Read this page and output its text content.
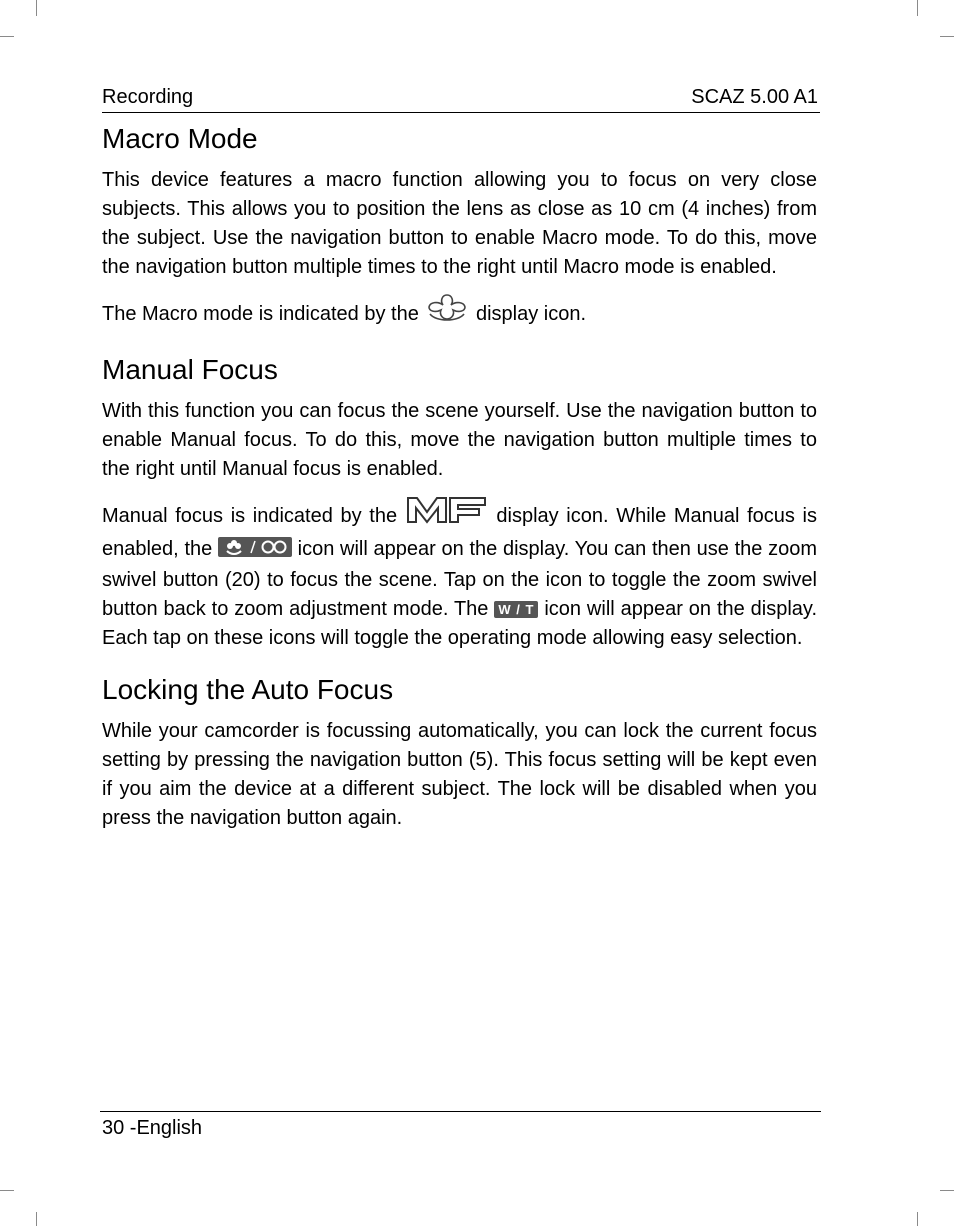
Recording	SCAZ 5.00 A1
Macro Mode

This device features a macro function allowing you to focus on very close subjects. This allows you to position the lens as close as 10 cm (4 inches) from the subject. Use the navigation button to enable Macro mode. To do this, move the navigation button multiple times to the right until Macro mode is enabled.

The Macro mode is indicated by the	display icon.

Manual Focus

With this function you can focus the scene yourself. Use the navigation button to enable Manual focus. To do this, move the navigation button multiple times to the right until Manual focus is enabled.

Manual focus is indicated by the	display icon. While Manual focus is enabled, the	icon will appear on the display. You can then use the zoom swivel button (20) to focus the scene. Tap on the icon to toggle the zoom swivel button back to zoom adjustment mode. The W / T icon will appear on the display. Each tap on these icons will toggle the operating mode allowing easy selection.

Locking the Auto Focus

While your camcorder is focussing automatically, you can lock the current focus setting by pressing the navigation button (5). This focus setting will be kept even if you aim the device at a different subject. The lock will be disabled when you press the navigation button again.

30 -English
